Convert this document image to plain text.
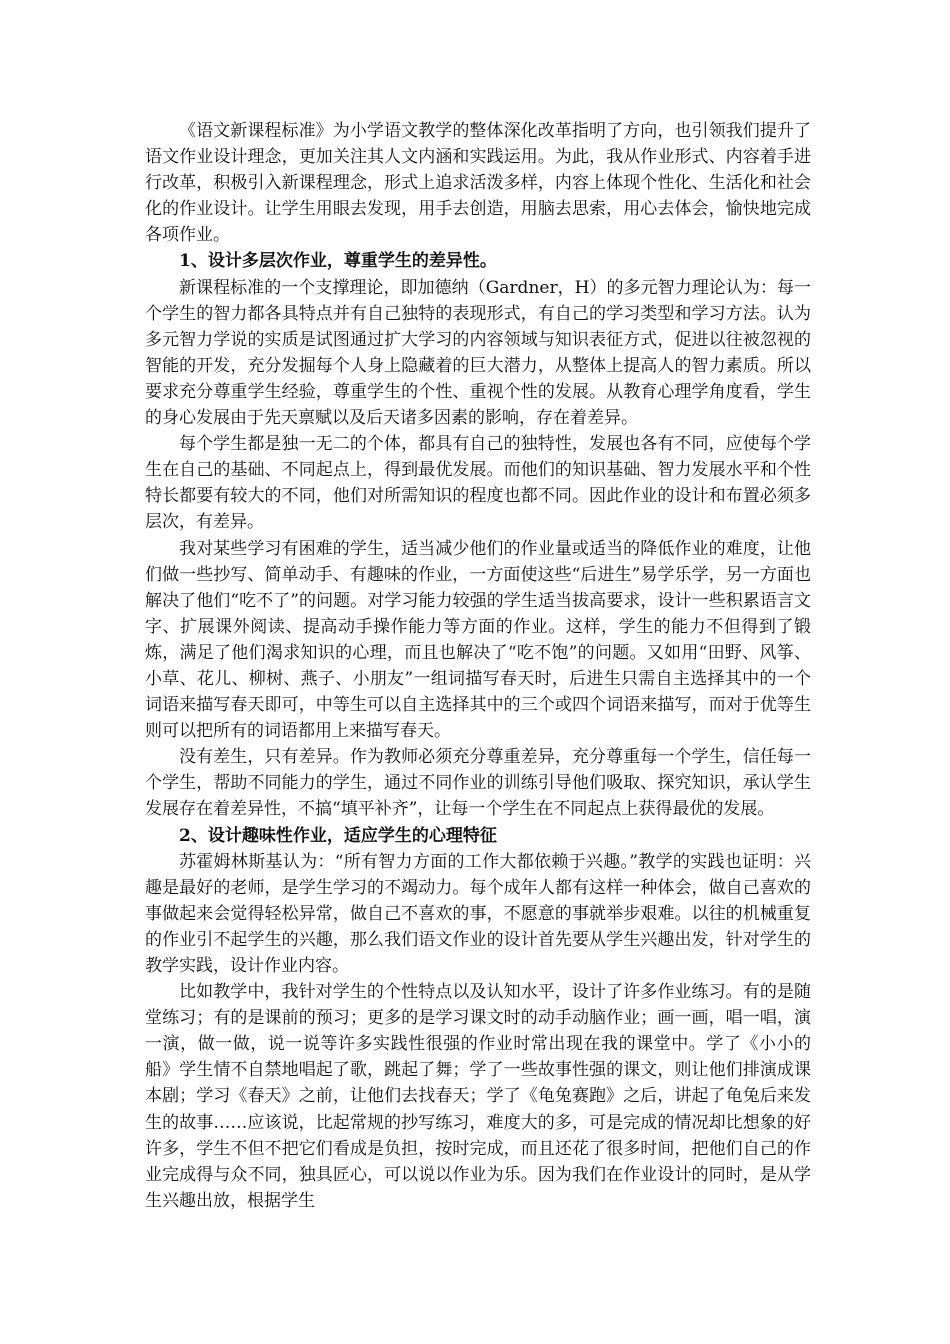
《语文新课程标准》为小学语文教学的整体深化改革指明了方向，也引领我们提升了语文作业设计理念，更加关注其人文内涵和实践运用。为此，我从作业形式、内容着手进行改革，积极引入新课程理念，形式上追求活泼多样，内容上体现个性化、生活化和社会化的作业设计。让学生用眼去发现，用手去创造，用脑去思索，用心去体会，愉快地完成各项作业。

1、设计多层次作业，尊重学生的差异性。

新课程标准的一个支撑理论，即加德纳（Gardner，H）的多元智力理论认为：每一个学生的智力都各具特点并有自己独特的表现形式，有自己的学习类型和学习方法。认为多元智力学说的实质是试图通过扩大学习的内容领域与知识表征方式，促进以往被忽视的智能的开发，充分发掘每个人身上隐藏着的巨大潜力，从整体上提高人的智力素质。所以要求充分尊重学生经验，尊重学生的个性、重视个性的发展。从教育心理学角度看，学生的身心发展由于先天禀赋以及后天诸多因素的影响，存在着差异。

每个学生都是独一无二的个体，都具有自己的独特性，发展也各有不同，应使每个学生在自己的基础、不同起点上，得到最优发展。而他们的知识基础、智力发展水平和个性特长都要有较大的不同，他们对所需知识的程度也都不同。因此作业的设计和布置必须多层次，有差异。

我对某些学习有困难的学生，适当减少他们的作业量或适当的降低作业的难度，让他们做一些抄写、简单动手、有趣味的作业，一方面使这些“后进生”易学乐学，另一方面也解决了他们“吃不了”的问题。对学习能力较强的学生适当拔高要求，设计一些积累语言文字、扩展课外阅读、提高动手操作能力等方面的作业。这样，学生的能力不但得到了锻炼，满足了他们渴求知识的心理，而且也解决了“吃不饱”的问题。又如用“田野、风筝、小草、花儿、柳树、燕子、小朋友”一组词描写春天时，后进生只需自主选择其中的一个词语来描写春天即可，中等生可以自主选择其中的三个或四个词语来描写，而对于优等生则可以把所有的词语都用上来描写春天。

没有差生，只有差异。作为教师必须充分尊重差异，充分尊重每一个学生，信任每一个学生，帮助不同能力的学生，通过不同作业的训练引导他们吸取、探究知识，承认学生发展存在着差异性，不搞“填平补齐”，让每一个学生在不同起点上获得最优的发展。

2、设计趣味性作业，适应学生的心理特征

苏霍姆林斯基认为：“所有智力方面的工作大都依赖于兴趣。”教学的实践也证明：兴趣是最好的老师，是学生学习的不竭动力。每个成年人都有这样一种体会，做自己喜欢的事做起来会觉得轻松异常，做自己不喜欢的事，不愿意的事就举步艰难。以往的机械重复的作业引不起学生的兴趣，那么我们语文作业的设计首先要从学生兴趣出发，针对学生的教学实践，设计作业内容。

比如教学中，我针对学生的个性特点以及认知水平，设计了许多作业练习。有的是随堂练习；有的是课前的预习；更多的是学习课文时的动手动脑作业；画一画，唱一唱，演一演，做一做，说一说等许多实践性很强的作业时常出现在我的课堂中。学了《小小的船》学生情不自禁地唱起了歌，跳起了舞；学了一些故事性强的课文，则让他们排演成课本剧；学习《春天》之前，让他们去找春天；学了《龟兔赛跑》之后，讲起了龟兔后来发生的故事……应该说，比起常规的抄写练习，难度大的多，可是完成的情况却比想象的好许多，学生不但不把它们看成是负担，按时完成，而且还花了很多时间，把他们自己的作业完成得与众不同，独具匠心，可以说以作业为乐。因为我们在作业设计的同时，是从学生兴趣出放，根据学生
